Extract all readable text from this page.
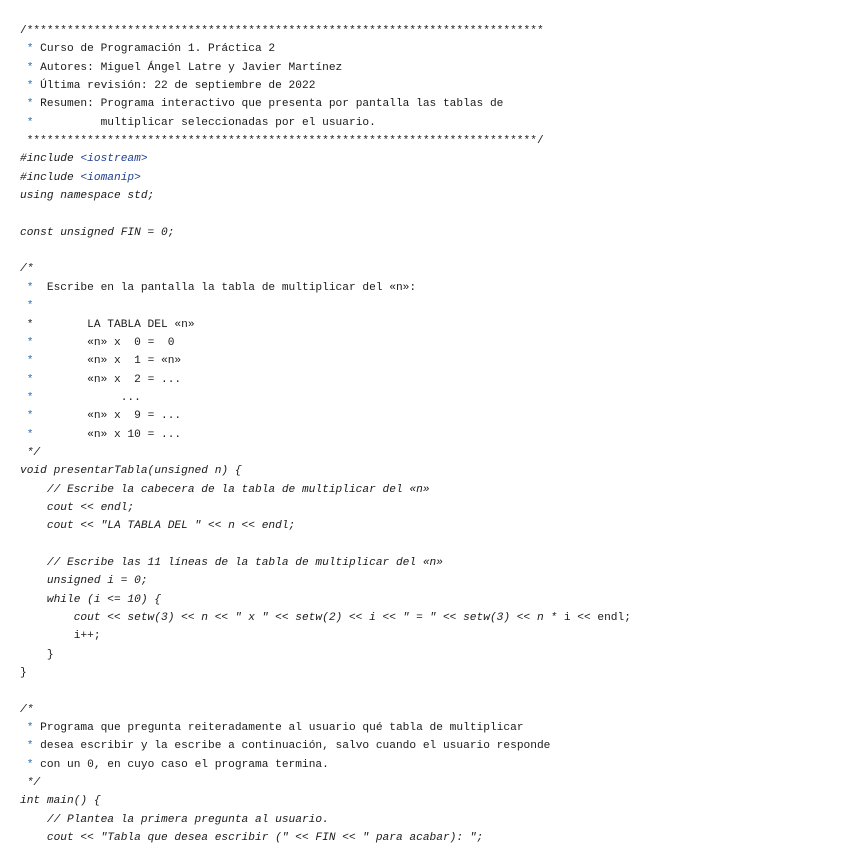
/*****************************************************************************
* Curso de Programación 1. Práctica 2
* Autores: Miguel Ángel Latre y Javier Martínez
* Última revisión: 22 de septiembre de 2022
* Resumen: Programa interactivo que presenta por pantalla las tablas de
*          multiplicar seleccionadas por el usuario.
****************************************************************************/
#include <iostream>
#include <iomanip>
using namespace std;
const unsigned FIN = 0;
/*
*  Escribe en la pantalla la tabla de multiplicar del «n»:
*
*        LA TABLA DEL «n»
*        «n» x  0 =  0
*        «n» x  1 = «n»
*        «n» x  2 = ...
*             ...
*        «n» x  9 = ...
*        «n» x 10 = ...
*/
void presentarTabla(unsigned n) {
// Escribe la cabecera de la tabla de multiplicar del «n»
cout << endl;
cout << "LA TABLA DEL " << n << endl;
// Escribe las 11 líneas de la tabla de multiplicar del «n»
unsigned i = 0;
while (i <= 10) {
cout << setw(3) << n << " x " << setw(2) << i << " = " << setw(3) << n * i << endl;
i++;
}
}
/*
* Programa que pregunta reiteradamente al usuario qué tabla de multiplicar
* desea escribir y la escribe a continuación, salvo cuando el usuario responde
* con un 0, en cuyo caso el programa termina.
*/
int main() {
// Plantea la primera pregunta al usuario.
cout << "Tabla que desea escribir (" << FIN << " para acabar): ";
